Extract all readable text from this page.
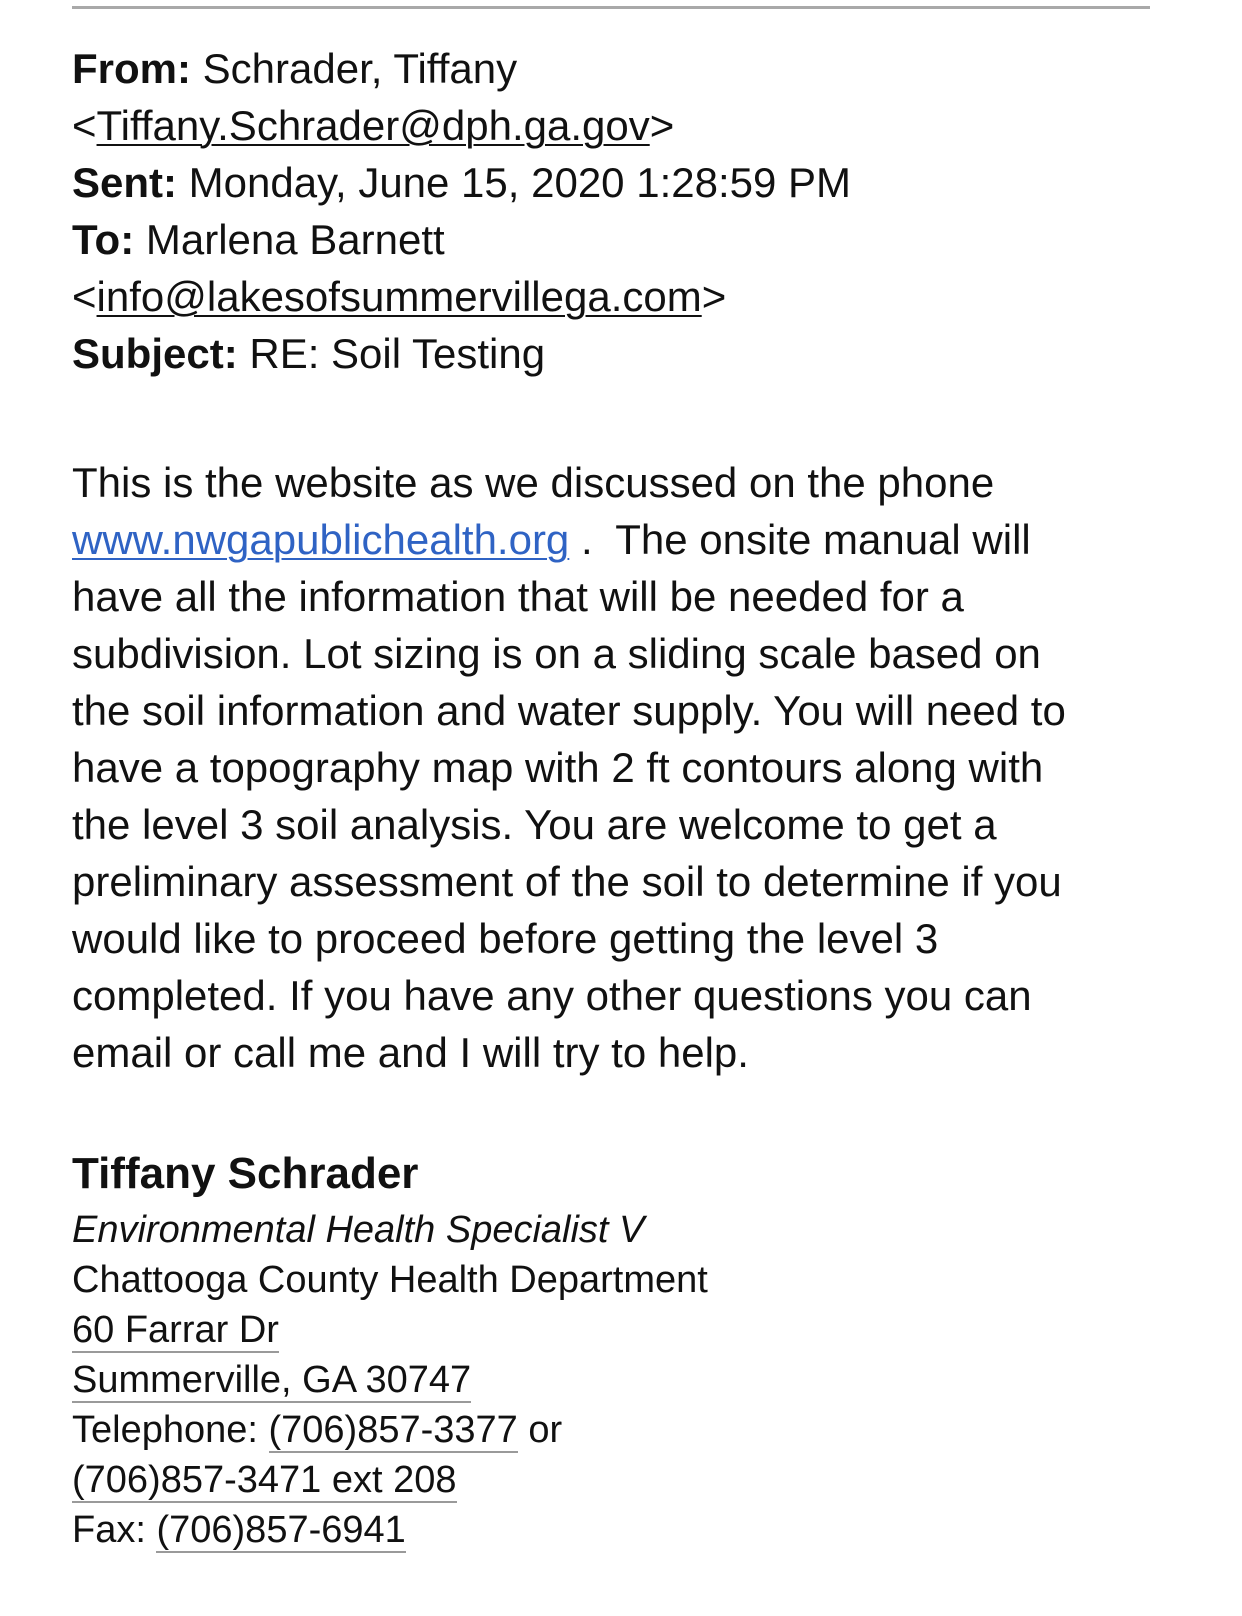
From: Schrader, Tiffany
<Tiffany.Schrader@dph.ga.gov>
Sent: Monday, June 15, 2020 1:28:59 PM
To: Marlena Barnett
<info@lakesofsummervillega.com>
Subject: RE: Soil Testing
This is the website as we discussed on the phone
www.nwgapublichealth.org .  The onsite manual will
have all the information that will be needed for a
subdivision. Lot sizing is on a sliding scale based on
the soil information and water supply. You will need to
have a topography map with 2 ft contours along with
the level 3 soil analysis. You are welcome to get a
preliminary assessment of the soil to determine if you
would like to proceed before getting the level 3
completed. If you have any other questions you can
email or call me and I will try to help.
Tiffany Schrader
Environmental Health Specialist V
Chattooga County Health Department
60 Farrar Dr
Summerville, GA 30747
Telephone: (706)857-3377 or
(706)857-3471 ext 208
Fax: (706)857-6941
